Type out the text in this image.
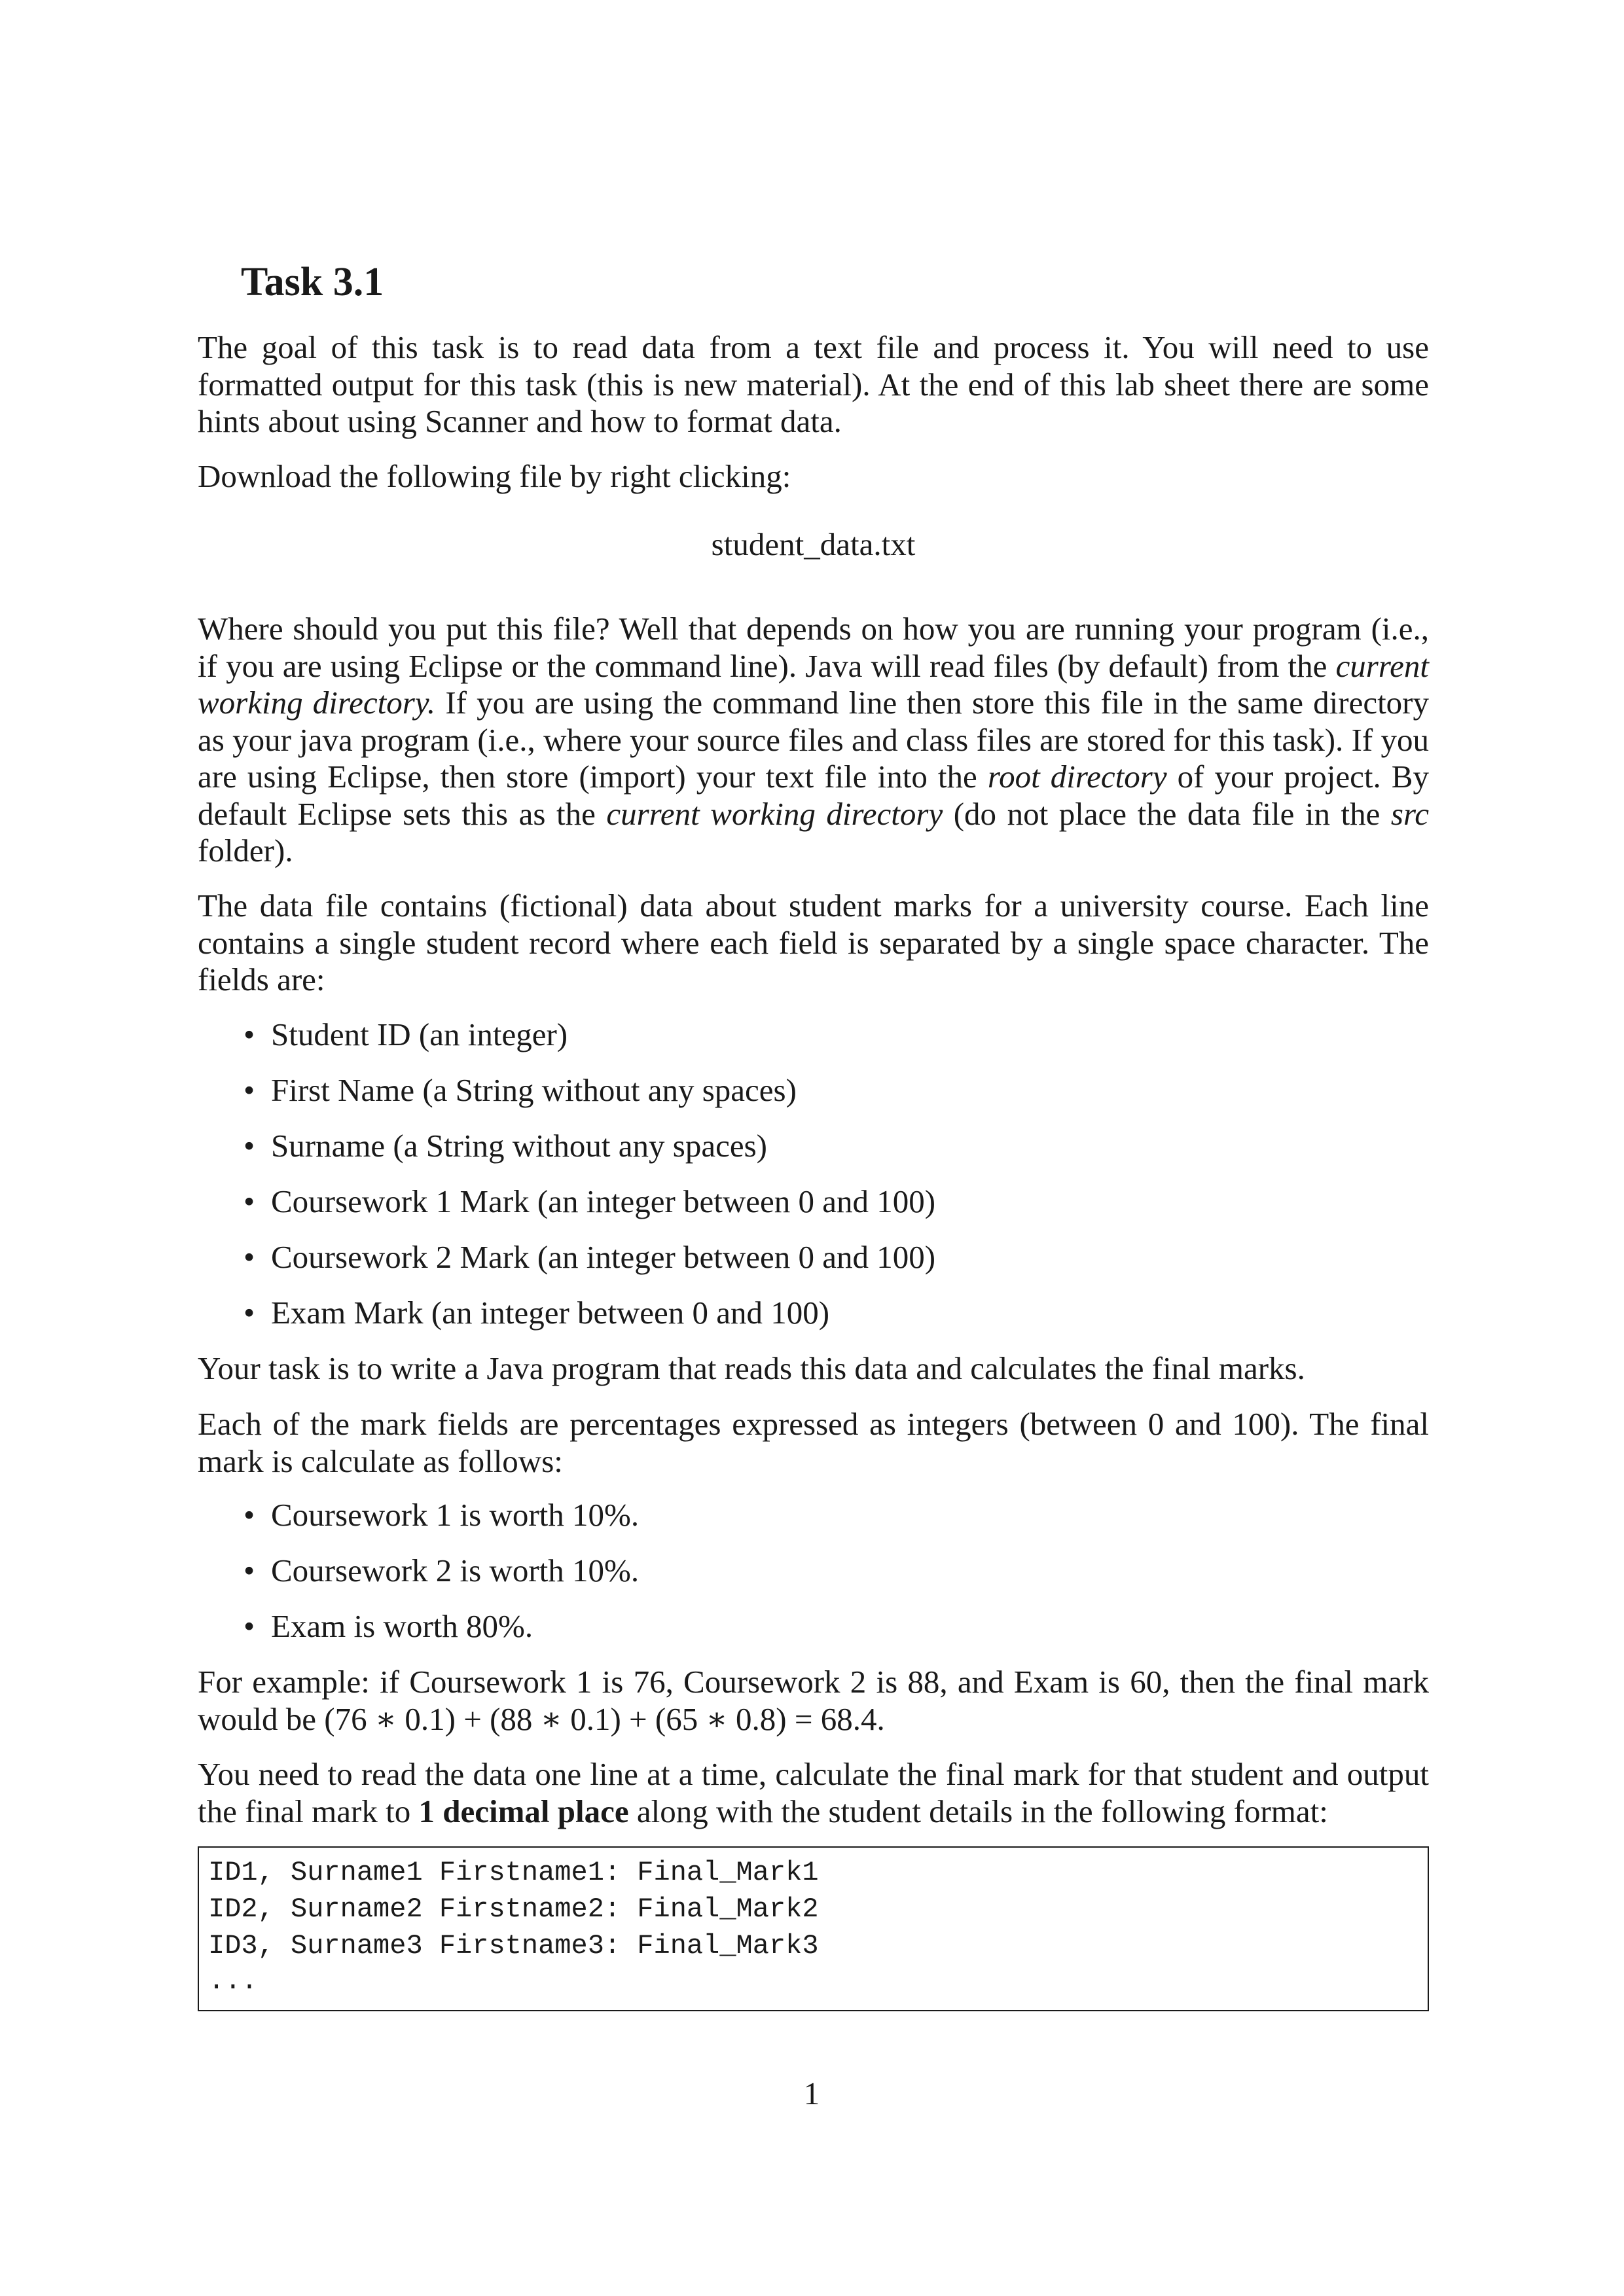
Task 3.1
The goal of this task is to read data from a text file and process it. You will need to use formatted output for this task (this is new material). At the end of this lab sheet there are some hints about using Scanner and how to format data.
Download the following file by right clicking:
student_data.txt
Where should you put this file? Well that depends on how you are running your program (i.e., if you are using Eclipse or the command line). Java will read files (by default) from the current working directory. If you are using the command line then store this file in the same directory as your java program (i.e., where your source files and class files are stored for this task). If you are using Eclipse, then store (import) your text file into the root directory of your project. By default Eclipse sets this as the current working directory (do not place the data file in the src folder).
The data file contains (fictional) data about student marks for a university course. Each line contains a single student record where each field is separated by a single space character. The fields are:
• Student ID (an integer)
• First Name (a String without any spaces)
• Surname (a String without any spaces)
• Coursework 1 Mark (an integer between 0 and 100)
• Coursework 2 Mark (an integer between 0 and 100)
• Exam Mark (an integer between 0 and 100)
Your task is to write a Java program that reads this data and calculates the final marks.
Each of the mark fields are percentages expressed as integers (between 0 and 100). The final mark is calculate as follows:
• Coursework 1 is worth 10%.
• Coursework 2 is worth 10%.
• Exam is worth 80%.
For example: if Coursework 1 is 76, Coursework 2 is 88, and Exam is 60, then the final mark would be (76 ∗ 0.1) + (88 ∗ 0.1) + (65 ∗ 0.8) = 68.4.
You need to read the data one line at a time, calculate the final mark for that student and output the final mark to 1 decimal place along with the student details in the following format:
ID1, Surname1 Firstname1: Final_Mark1
ID2, Surname2 Firstname2: Final_Mark2
ID3, Surname3 Firstname3: Final_Mark3
...
1
